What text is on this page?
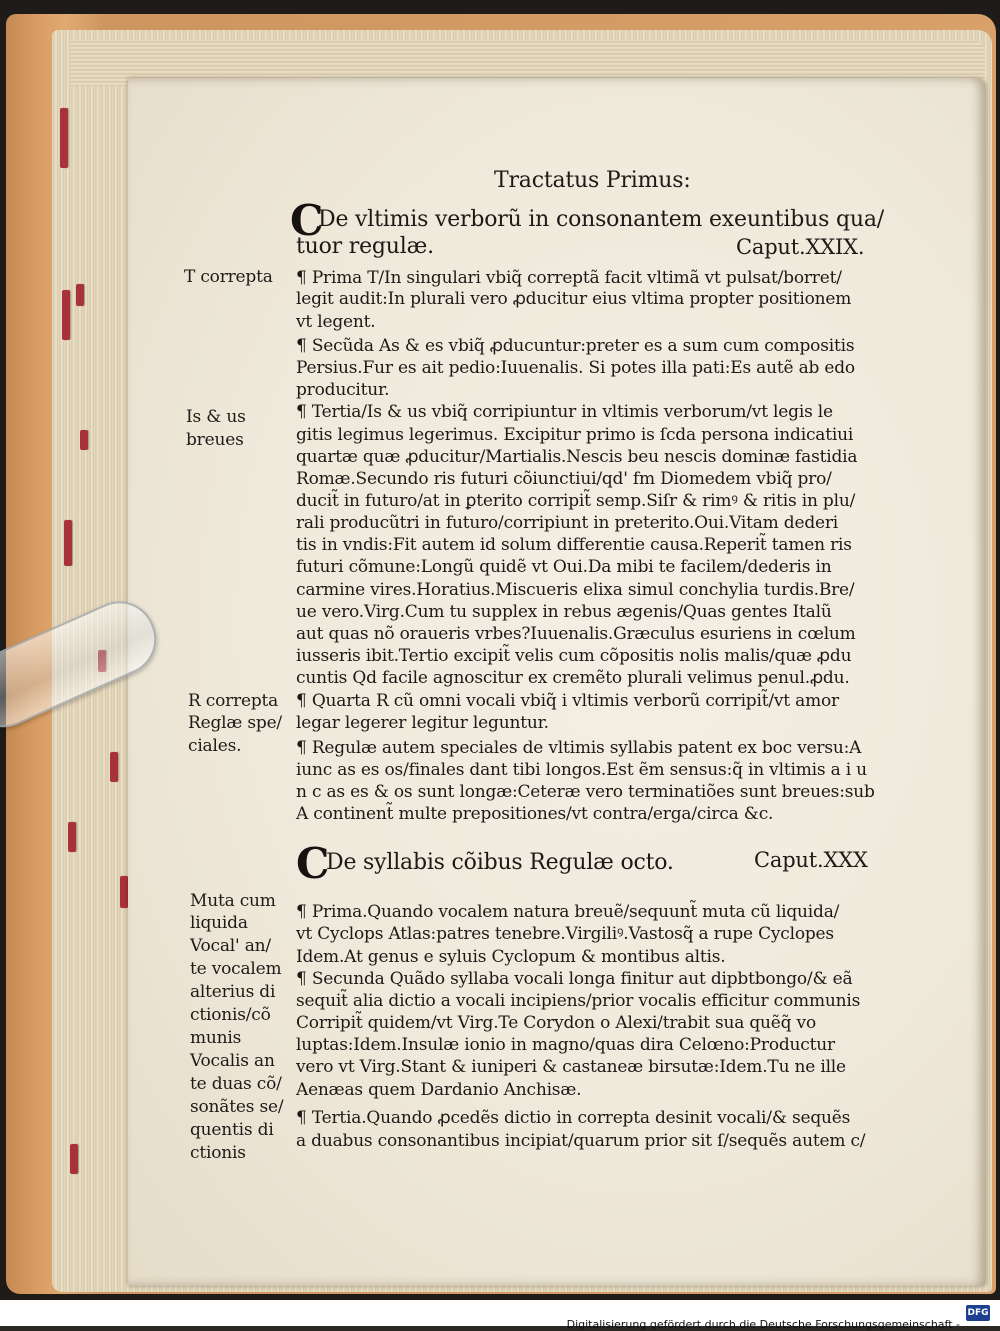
Tractatus Primus:

C

De vltimis verborũ in consonantem exeuntibus qua/

tuor regulæ.	Caput.XXIX.

¶ Prima T/In singulari vbiq̃ correptã facit vltimã vt pulsat/borret/

legit audit:In plurali vero ꝓducitur eius vltima propter positionem

vt legent.

¶ Secũda As & es vbiq̃ ꝓducuntur:preter es a sum cum compositis

Persius.Fur es ait pedio:Iuuenalis. Si potes illa pati:Es autẽ ab edo

producitur.

¶ Tertia/Is & us vbiq̃ corripiuntur in vltimis verborum/vt legis le

gitis legimus legerimus. Excipitur primo is ſcda persona indicatiui

quartæ quæ ꝓducitur/Martialis.Nescis beu nescis dominæ fastidia

Romæ.Secundo ris futuri cõiunctiui/qd' fm Diomedem vbiq̃ pro/

ducit̃ in futuro/at in ꝑterito corripit̃ semp.Siſr & rimꝰ & ritis in plu/

rali producũtri in futuro/corripiunt in preterito.Oui.Vitam dederi

tis in vndis:Fit autem id solum differentie causa.Reperit̃ tamen ris

futuri cõmune:Longũ quidẽ vt Oui.Da mibi te facilem/dederis in

carmine vires.Horatius.Miscueris elixa simul conchylia turdis.Bre/

ue vero.Virg.Cum tu supplex in rebus ægenis/Quas gentes Italũ

aut quas nõ oraueris vrbes?Iuuenalis.Græculus esuriens in cœlum

iusseris ibit.Tertio excipit̃ velis cum cõpositis nolis malis/quæ ꝓdu

cuntis Qd facile agnoscitur ex cremẽto plurali velimus penul.ꝓdu.

¶ Quarta R cũ omni vocali vbiq̃ i vltimis verborũ corripit̃/vt amor

legar legerer legitur leguntur.

¶ Regulæ autem speciales de vltimis syllabis patent ex boc versu:A

iunc as es os/finales dant tibi longos.Est ẽm sensus:q̃ in vltimis a i u

n c as es & os sunt longæ:Ceteræ vero terminatiões sunt breues:sub

A continent̃ multe prepositiones/vt contra/erga/circa &c.

C

De syllabis cõibus Regulæ octo.	Caput.XXX

¶ Prima.Quando vocalem natura breuẽ/sequunt̃ muta cũ liquida/

vt Cyclops Atlas:patres tenebre.Virgiliꝰ.Vastosq̃ a rupe Cyclopes

Idem.At genus e syluis Cyclopum & montibus altis.

¶ Secunda Quãdo syllaba vocali longa finitur aut dipbtbongo/& eã

sequit̃ alia dictio a vocali incipiens/prior vocalis efficitur communis

Corripit̃ quidem/vt Virg.Te Corydon o Alexi/trabit sua quẽq̃ vo

luptas:Idem.Insulæ ionio in magno/quas dira Celœno:Productur

vero vt Virg.Stant & iuniperi & castaneæ birsutæ:Idem.Tu ne ille

Aenæas quem Dardanio Anchisæ.

¶ Tertia.Quando ꝓcedẽs dictio in correpta desinit vocali/& sequẽs

a duabus consonantibus incipiat/quarum prior sit ſ/sequẽs autem c/

T correpta

Is & us

breues

R correpta

Reglæ spe/

ciales.

Muta cum

liquida

Vocal' an/

te vocalem

alterius di

ctionis/cõ

munis

Vocalis an

te duas cõ/

sonãtes se/

quentis di

ctionis

Digitalisierung gefördert durch die Deutsche Forschungsgemeinschaft -

DFG
